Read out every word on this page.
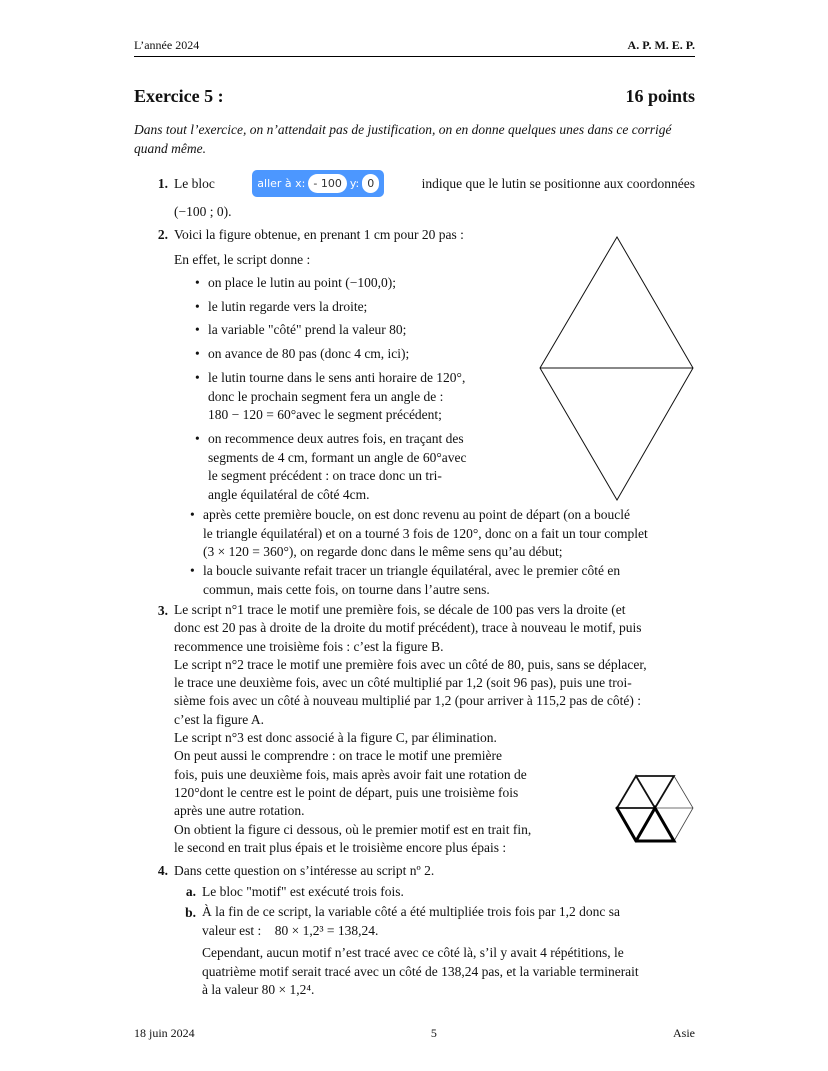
L’année 2024	A. P. M. E. P.
Exercice 5 :	16 points
Dans tout l’exercice, on n’attendait pas de justification, on en donne quelques unes dans ce corrigé quand même.
1. Le bloc	aller à x: - 100 y: 0	indique que le lutin se positionne aux coordonnées
(−100 ; 0).
2. Voici la figure obtenue, en prenant 1 cm pour 20 pas :
En effet, le script donne :
• on place le lutin au point (−100,0);
• le lutin regarde vers la droite;
• la variable "côté" prend la valeur 80;
• on avance de 80 pas (donc 4 cm, ici);
• le lutin tourne dans le sens anti horaire de 120°,
donc le prochain segment fera un angle de :
180 − 120 = 60°avec le segment précédent;
• on recommence deux autres fois, en traçant des
segments de 4 cm, formant un angle de 60°avec
le segment précédent : on trace donc un tri-
angle équilatéral de côté 4cm.
• après cette première boucle, on est donc revenu au point de départ (on a bouclé
le triangle équilatéral) et on a tourné 3 fois de 120°, donc on a fait un tour complet
(3 × 120 = 360°), on regarde donc dans le même sens qu’au début;
• la boucle suivante refait tracer un triangle équilatéral, avec le premier côté en
commun, mais cette fois, on tourne dans l’autre sens.
3. Le script n°1 trace le motif une première fois, se décale de 100 pas vers la droite (et
donc est 20 pas à droite de la droite du motif précédent), trace à nouveau le motif, puis
recommence une troisième fois : c’est la figure B.
Le script n°2 trace le motif une première fois avec un côté de 80, puis, sans se déplacer,
le trace une deuxième fois, avec un côté multiplié par 1,2 (soit 96 pas), puis une troi-
sième fois avec un côté à nouveau multiplié par 1,2 (pour arriver à 115,2 pas de côté) :
c’est la figure A.
Le script n°3 est donc associé à la figure C, par élimination.
On peut aussi le comprendre : on trace le motif une première
fois, puis une deuxième fois, mais après avoir fait une rotation de
120°dont le centre est le point de départ, puis une troisième fois
après une autre rotation.
On obtient la figure ci dessous, où le premier motif est en trait fin,
le second en trait plus épais et le troisième encore plus épais :
4. Dans cette question on s’intéresse au script nº 2.
a. Le bloc "motif" est exécuté trois fois.
b. À la fin de ce script, la variable côté a été multipliée trois fois par 1,2 donc sa
valeur est :    80 × 1,2³ = 138,24.
Cependant, aucun motif n’est tracé avec ce côté là, s’il y avait 4 répétitions, le
quatrième motif serait tracé avec un côté de 138,24 pas, et la variable terminerait
à la valeur 80 × 1,2⁴.
18 juin 2024	5	Asie
